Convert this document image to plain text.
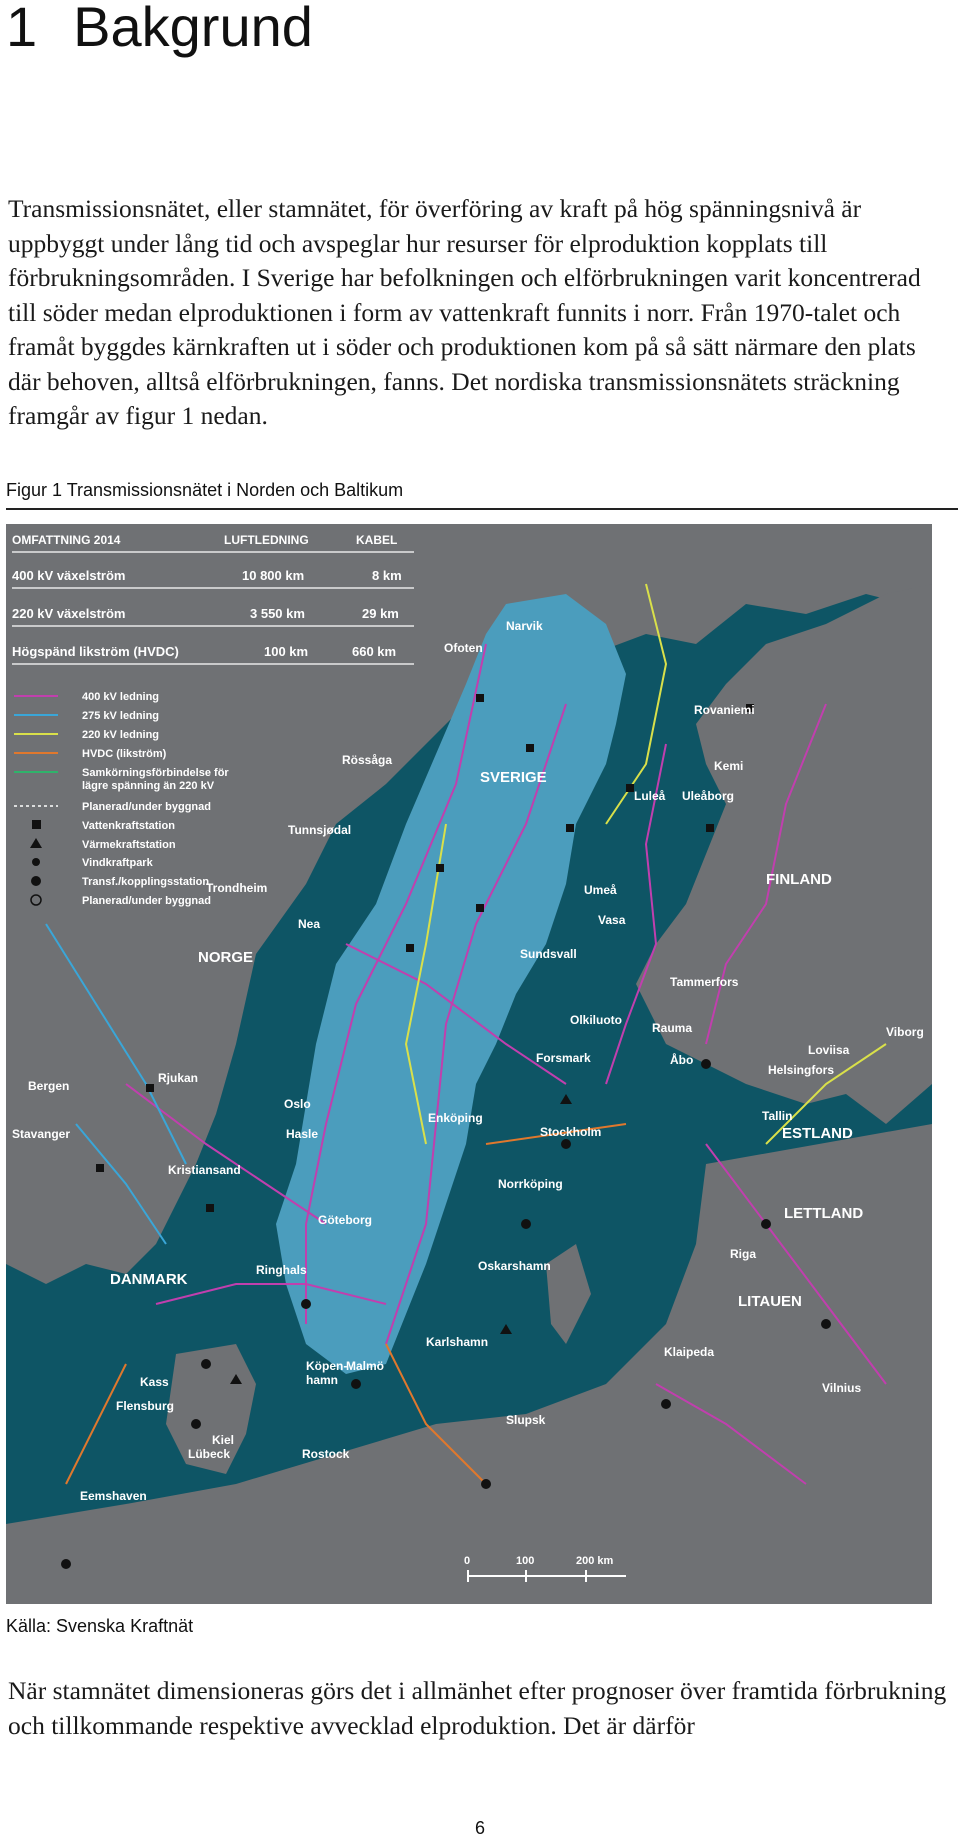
1 Bakgrund

Transmissionsnätet, eller stamnätet, för överföring av kraft på hög spänningsnivå är uppbyggt under lång tid och avspeglar hur resurser för elproduktion kopplats till förbrukningsområden. I Sverige har befolkningen och elförbrukningen varit koncentrerad till söder medan elproduktionen i form av vattenkraft funnits i norr. Från 1970-talet och framåt byggdes kärnkraften ut i söder och produktionen kom på så sätt närmare den plats där behoven, alltså elförbrukningen, fanns. Det nordiska transmissionsnätets sträckning framgår av figur 1 nedan.

Figur 1 Transmissionsnätet i Norden och Baltikum
OMFATTNING 2014	LUFTLEDNING	KABEL
400 kV växelström	10 800 km	8 km
220 kV växelström	3 550 km	29 km
Högspänd likström (HVDC)	100 km	660 km
400 kV ledning
275 kV ledning
220 kV ledning
HVDC (likström)
Samkörningsförbindelse för
lägre spänning än 220 kV
Planerad/under byggnad
Vattenkraftstation
Värmekraftstation
Vindkraftpark
Transf./kopplingsstation
Planerad/under byggnad
SVERIGE
NORGE
FINLAND
DANMARK
ESTLAND
LETTLAND
LITAUEN
Narvik
Ofoten
Rovaniemi
Kemi
Luleå Uleåborg
Rössåga
Tunnsjødal
Umeå
Trondheim
Vasa
Nea
Sundsvall
Tammerfors
Olkiluoto
Rauma	Viborg
Loviisa
Forsmark	Åbo
Helsingfors
Bergen
Rjukan
Oslo
Enköping	Tallin
Stavanger	Hasle	Stockholm
Kristiansand
Norrköping
Göteborg
Riga
Oskarshamn
Ringhals
Karlshamn
Klaipeda
Malmö
Köpen-
hamn
Kass	Vilnius
Flensburg
Slupsk
Kiel
Lübeck	Rostock
Eemshaven
0	100	200 km
Källa: Svenska Kraftnät

När stamnätet dimensioneras görs det i allmänhet efter prognoser över framtida förbrukning och tillkommande respektive avvecklad elproduktion. Det är därför

6
